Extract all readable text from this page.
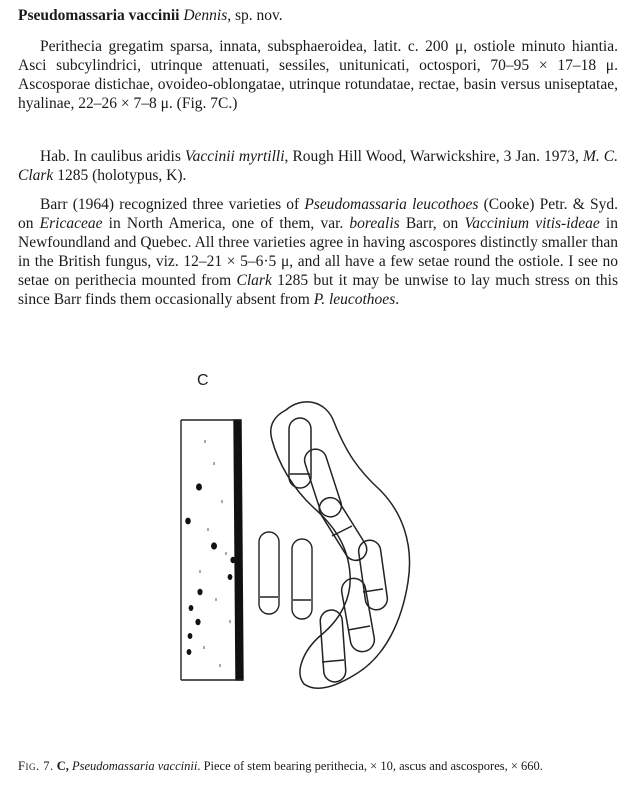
Pseudomassaria vaccinii Dennis, sp. nov.

Perithecia gregatim sparsa, innata, subsphaeroidea, latit. c. 200 μ, ostiole minuto hiantia. Asci subcylindrici, utrinque attenuati, sessiles, unitunicati, octospori, 70–95 × 17–18 μ. Ascosporae distichae, ovoideo-oblongatae, utrinque rotundatae, rectae, basin versus uniseptatae, hyalinae, 22–26 × 7–8 μ. (Fig. 7C.)

Hab. In caulibus aridis Vaccinii myrtilli, Rough Hill Wood, Warwickshire, 3 Jan. 1973, M. C. Clark 1285 (holotypus, K).

Barr (1964) recognized three varieties of Pseudomassaria leucothoes (Cooke) Petr. & Syd. on Ericaceae in North America, one of them, var. borealis Barr, on Vaccinium vitis-ideae in Newfoundland and Quebec. All three varieties agree in having ascospores distinctly smaller than in the British fungus, viz. 12–21 × 5–6·5 μ, and all have a few setae round the ostiole. I see no setae on perithecia mounted from Clark 1285 but it may be unwise to lay much stress on this since Barr finds them occasionally absent from P. leucothoes.

C
Fig. 7. C, Pseudomassaria vaccinii. Piece of stem bearing perithecia, × 10, ascus and ascospores, × 660.
